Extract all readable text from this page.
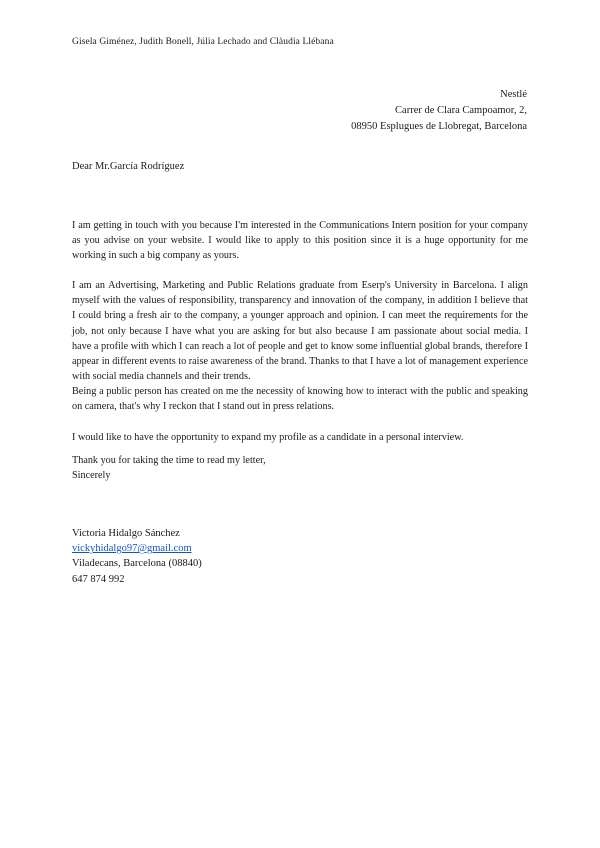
Gisela Giménez, Judith Bonell, Júlia Lechado and Clàudia Llébana
Nestlé
Carrer de Clara Campoamor, 2,
08950 Esplugues de Llobregat, Barcelona
Dear Mr.García Rodríguez

I am getting in touch with you because I'm interested in the Communications Intern position for your company as you advise on your website. I would like to apply to this position since it is a huge opportunity for me working in such a big company as yours.

I am an Advertising, Marketing and Public Relations graduate from Eserp's University in Barcelona. I align myself with the values of responsibility, transparency and innovation of the company, in addition I believe that I could bring a fresh air to the company, a younger approach and opinion. I can meet the requirements for the job, not only because I have what you are asking for but also because I am passionate about social media. I have a profile with which I can reach a lot of people and get to know some influential global brands, therefore I appear in different events to raise awareness of the brand. Thanks to that I have a lot of management experience with social media channels and their trends.

Being a public person has created on me the necessity of knowing how to interact with the public and speaking on camera, that's why I reckon that I stand out in press relations.

I would like to have the opportunity to expand my profile as a candidate in a personal interview.

Thank you for taking the time to read my letter,
Sincerely
Victoria Hidalgo Sánchez
vickyhidalgo97@gmail.com
Viladecans, Barcelona (08840)
647 874 992
